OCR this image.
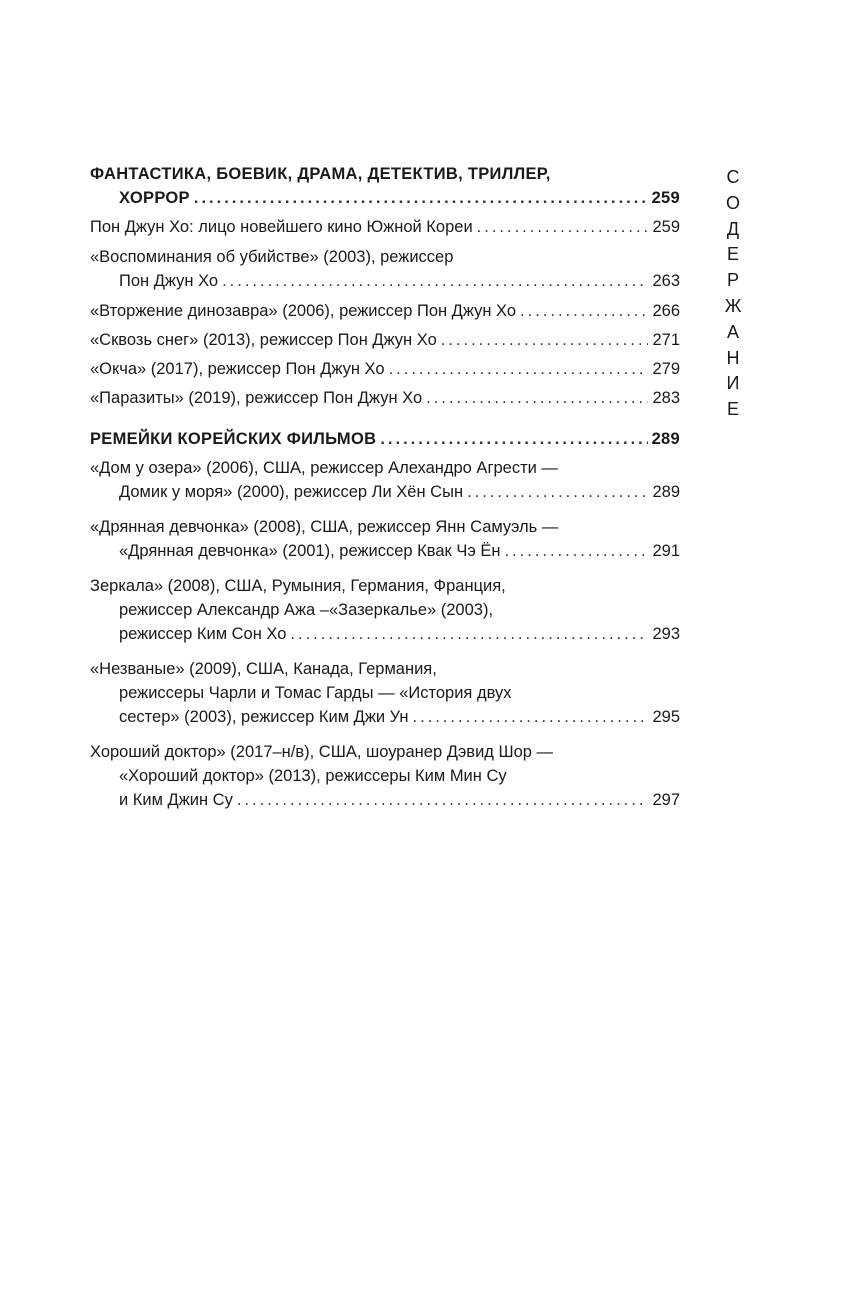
С
О
Д
Е
Р
Ж
А
Н
И
Е
ФАНТАСТИКА, БОЕВИК, ДРАМА, ДЕТЕКТИВ, ТРИЛЛЕР,
ХОРРОР .....	259
Пон Джун Хо: лицо новейшего кино Южной Кореи .....	259
«Воспоминания об убийстве» (2003), режиссер
Пон Джун Хо .....	263
«Вторжение динозавра» (2006), режиссер Пон Джун Хо .....	266
«Сквозь снег» (2013), режиссер Пон Джун Хо .....	271
«Окча» (2017), режиссер Пон Джун Хо .....	279
«Паразиты» (2019), режиссер Пон Джун Хо .....	283
РЕМЕЙКИ КОРЕЙСКИХ ФИЛЬМОВ .....	289
«Дом у озера» (2006), США, режиссер Алехандро Агрести —
Домик у моря» (2000), режиссер Ли Хён Сын .....	289
«Дрянная девчонка» (2008), США, режиссер Янн Самуэль —
«Дрянная девчонка» (2001), режиссер Квак Чэ Ён .....	291
Зеркала» (2008), США, Румыния, Германия, Франция,
режиссер Александр Ажа –«Зазеркалье» (2003),
режиссер Ким Сон Хо .....	293
«Незваные» (2009), США, Канада, Германия,
режиссеры Чарли и Томас Гарды — «История двух
сестер» (2003), режиссер Ким Джи Ун .....	295
Хороший доктор» (2017–н/в), США, шоуранер Дэвид Шор —
«Хороший доктор» (2013), режиссеры Ким Мин Су
и Ким Джин Су .....	297
